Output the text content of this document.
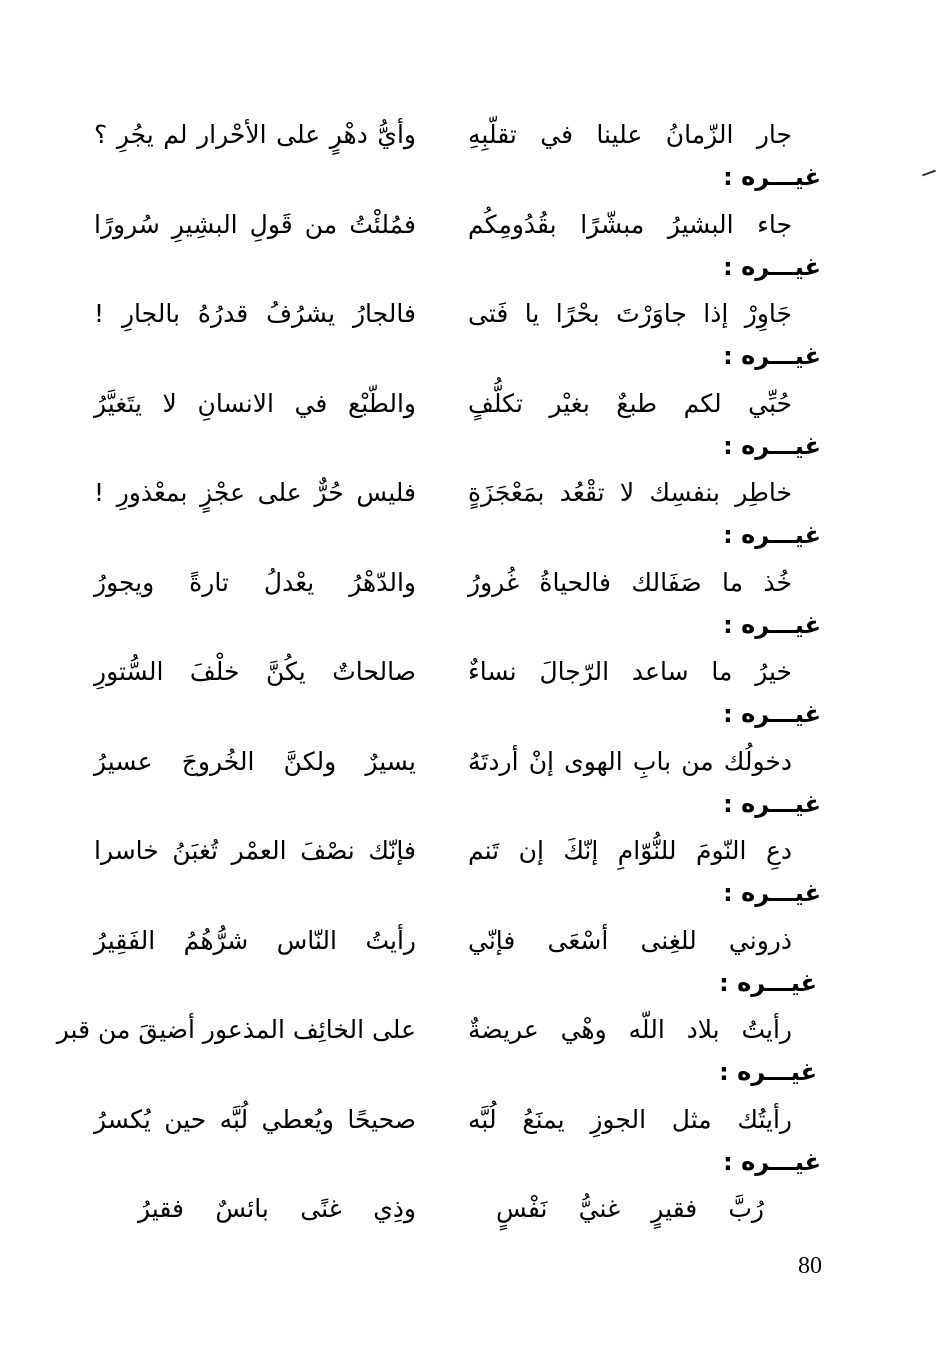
جار الزّمانُ علينا في تقلّبِهِ
وأيُّ دهْرٍ على الأحْرار لم يجُرِ ؟
غيـــره :
جاء البشيرُ مبشّرًا بقُدُومِكُم
فمُلئْتُ من قَولِ البشِيرِ سُرورًا
غيـــره :
جَاوِرْ إذا جاوَرْتَ بحْرًا يا فَتى
فالجارُ يشرُفُ قدرُهُ بالجارِ !
غيـــره :
حُبِّي لكم طبعٌ بغيْر تكلُّفٍ
والطّبْع في الانسانِ لا يتَغيَّرُ
غيـــره :
خاطِر بنفسِك لا تقْعُد بمَعْجَزَةٍ
فليس حُرٌّ على عجْزٍ بمعْذورِ !
غيـــره :
خُذ ما صَفَالك فالحياةُ غُرورُ
والدّهْرُ يعْدلُ تارةً ويجورُ
غيـــره :
خيرُ ما ساعد الرّجالَ نساءٌ
صالحاتٌ يكُنَّ خلْفَ السُّتورِ
غيـــره :
دخولُك من بابِ الهوى إنْ أردتَهُ
يسيرٌ ولكنَّ الخُروجَ عسيرُ
غيـــره :
دعِ النّومَ للنُّوّامِ إنّكَ إن تَنم
فإنّك نصْفَ العمْر تُغبَنُ خاسرا
غيـــره :
ذروني للغِنى أسْعَى فإنّي
رأيتُ النّاس شرُّهُمُ الفَقِيرُ
غيـــره :
رأيتُ بلاد اللّه وهْي عريضةٌ
على الخائِف المذعور أضيقَ من قبر
غيـــره :
رأيتُك مثل الجوزِ يمنَعُ لُبَّه
صحيحًا ويُعطي لُبَّه حين يُكسرُ
غيـــره :
رُبَّ فقيرٍ غنيُّ نَفْسٍ
وذِي غنًى بائسٌ فقيرُ
80
